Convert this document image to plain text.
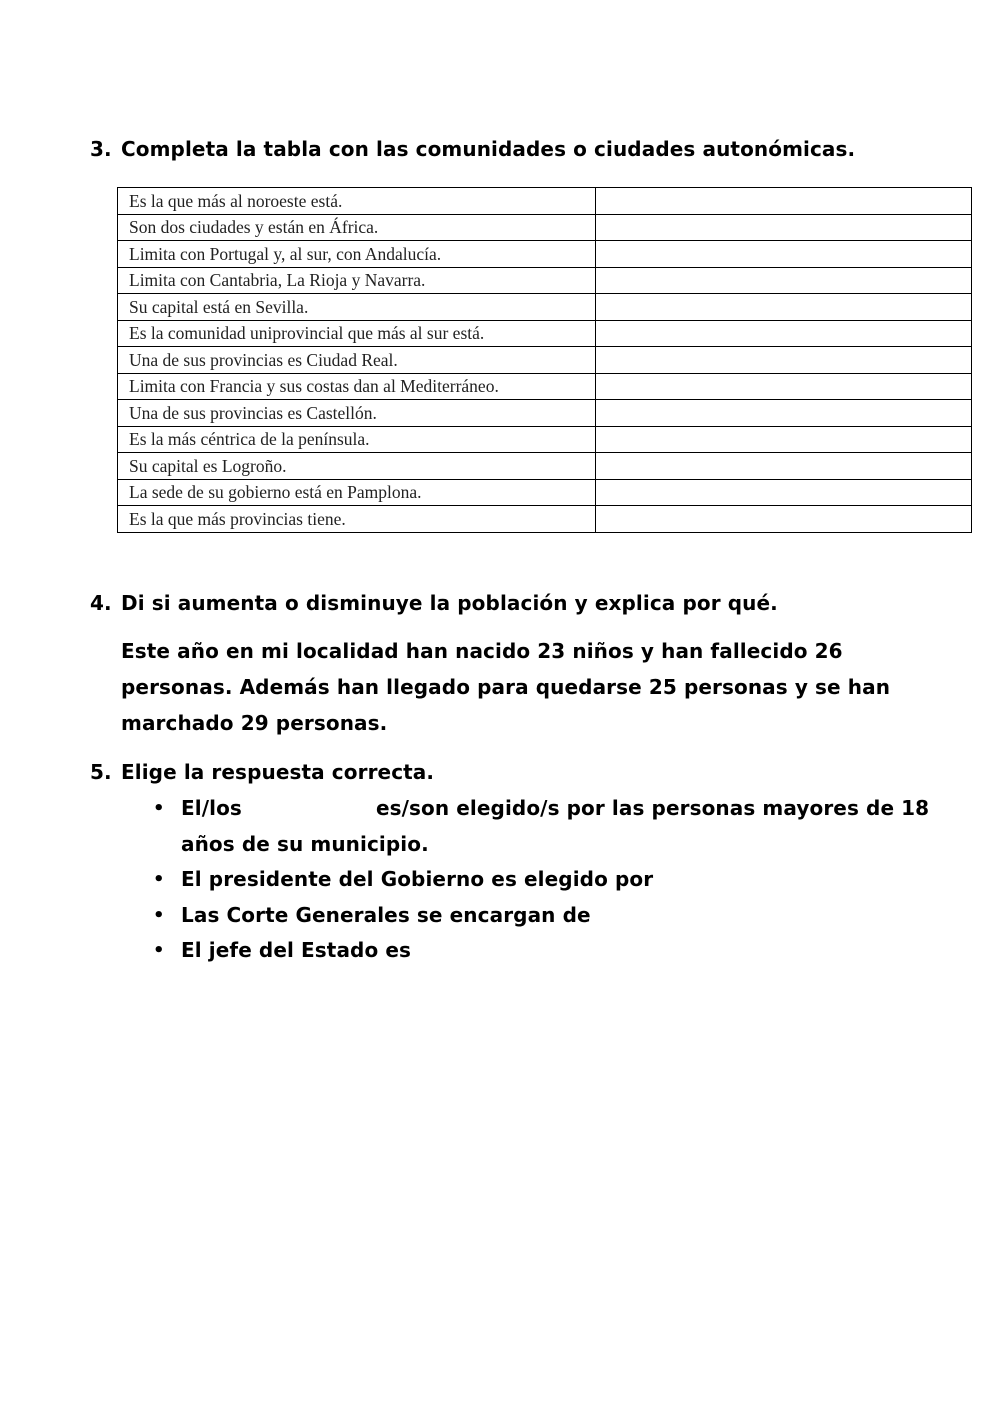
3. Completa la tabla con las comunidades o ciudades autonómicas.
Es la que más al noroeste está.	
Son dos ciudades y están en África.	
Limita con Portugal y, al sur, con Andalucía.	
Limita con Cantabria, La Rioja y Navarra.	
Su capital está en Sevilla.	
Es la comunidad uniprovincial que más al sur está.	
Una de sus provincias es Ciudad Real.	
Limita con Francia y sus costas dan al Mediterráneo.	
Una de sus provincias es Castellón.	
Es la más céntrica de la península.	
Su capital es Logroño.	
La sede de su gobierno está en Pamplona.	
Es la que más provincias tiene.	
4. Di si aumenta o disminuye la población y explica por qué.
Este año en mi localidad han nacido 23 niños y han fallecido 26 personas. Además han llegado para quedarse 25 personas y se han marchado 29 personas.
5. Elige la respuesta correcta.
• El/los	es/son elegido/s por las personas mayores de 18 años de su municipio.
• El presidente del Gobierno es elegido por
• Las Corte Generales se encargan de
• El jefe del Estado es
